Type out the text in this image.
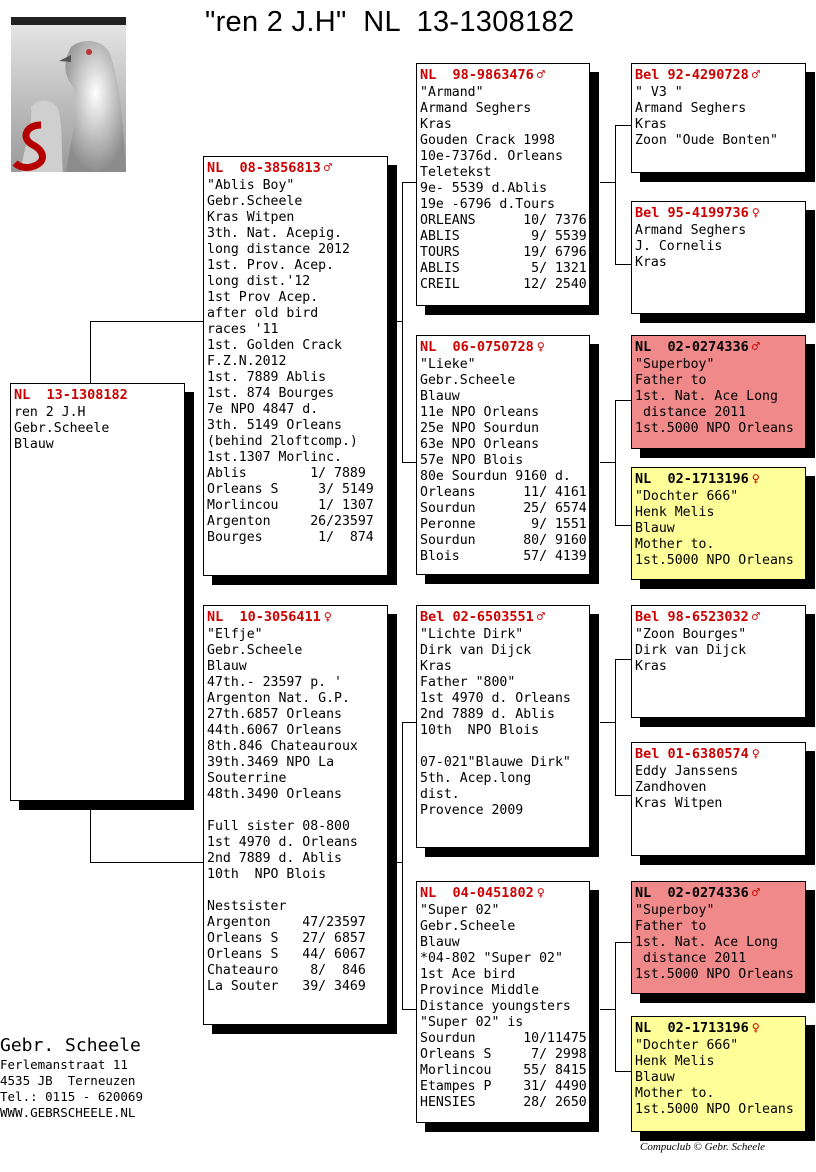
"ren 2 J.H"  NL  13-1308182
NL  13-1308182
ren 2 J.H
Gebr.Scheele
Blauw
NL  08-3856813 ♂
"Ablis Boy"
Gebr.Scheele
Kras Witpen
3th. Nat. Acepig.
long distance 2012
1st. Prov. Acep.
long dist.'12
1st Prov Acep.
after old bird
races '11
1st. Golden Crack
F.Z.N.2012
1st. 7889 Ablis
1st. 874 Bourges
7e NPO 4847 d.
3th. 5149 Orleans
(behind 2loftcomp.)
1st.1307 Morlinc.
Ablis        1/ 7889
Orleans S     3/ 5149
Morlincou     1/ 1307
Argenton     26/23597
Bourges       1/  874
NL  10-3056411 ♀
"Elfje"
Gebr.Scheele
Blauw
47th.- 23597 p. '
Argenton Nat. G.P.
27th.6857 Orleans
44th.6067 Orleans
8th.846 Chateauroux
39th.3469 NPO La
Souterrine
48th.3490 Orleans
Full sister 08-800
1st 4970 d. Orleans
2nd 7889 d. Ablis
10th  NPO Blois
Nestsister
Argenton    47/23597
Orleans S   27/ 6857
Orleans S   44/ 6067
Chateauro    8/  846
La Souter   39/ 3469
NL  98-9863476 ♂
"Armand"
Armand Seghers
Kras
Gouden Crack 1998
10e-7376d. Orleans
Teletekst
9e- 5539 d.Ablis
19e -6796 d.Tours
ORLEANS      10/ 7376
ABLIS         9/ 5539
TOURS        19/ 6796
ABLIS         5/ 1321
CREIL        12/ 2540
NL  06-0750728 ♀
"Lieke"
Gebr.Scheele
Blauw
11e NPO Orleans
25e NPO Sourdun
63e NPO Orleans
57e NPO Blois
80e Sourdun 9160 d.
Orleans      11/ 4161
Sourdun      25/ 6574
Peronne       9/ 1551
Sourdun      80/ 9160
Blois        57/ 4139
Bel 02-6503551 ♂
"Lichte Dirk"
Dirk van Dijck
Kras
Father "800"
1st 4970 d. Orleans
2nd 7889 d. Ablis
10th  NPO Blois
07-021"Blauwe Dirk"
5th. Acep.long
dist.
Provence 2009
NL  04-0451802 ♀
"Super 02"
Gebr.Scheele
Blauw
*04-802 "Super 02"
1st Ace bird
Province Middle
Distance youngsters
"Super 02" is
Sourdun      10/11475
Orleans S     7/ 2998
Morlincou    55/ 8415
Etampes P    31/ 4490
HENSIES      28/ 2650
Bel 92-4290728 ♂
" V3 "
Armand Seghers
Kras
Zoon "Oude Bonten"
Bel 95-4199736 ♀
Armand Seghers
J. Cornelis
Kras
NL  02-0274336 ♂
"Superboy"
Father to
1st. Nat. Ace Long
distance 2011
1st.5000 NPO Orleans
NL  02-1713196 ♀
"Dochter 666"
Henk Melis
Blauw
Mother to.
1st.5000 NPO Orleans
Bel 98-6523032 ♂
"Zoon Bourges"
Dirk van Dijck
Kras
Bel 01-6380574 ♀
Eddy Janssens
Zandhoven
Kras Witpen
NL  02-0274336 ♂
"Superboy"
Father to
1st. Nat. Ace Long
distance 2011
1st.5000 NPO Orleans
NL  02-1713196 ♀
"Dochter 666"
Henk Melis
Blauw
Mother to.
1st.5000 NPO Orleans
Gebr. Scheele
Ferlemanstraat 11
4535 JB  Terneuzen
Tel.: 0115 - 620069
WWW.GEBRSCHEELE.NL
Compuclub © Gebr. Scheele
